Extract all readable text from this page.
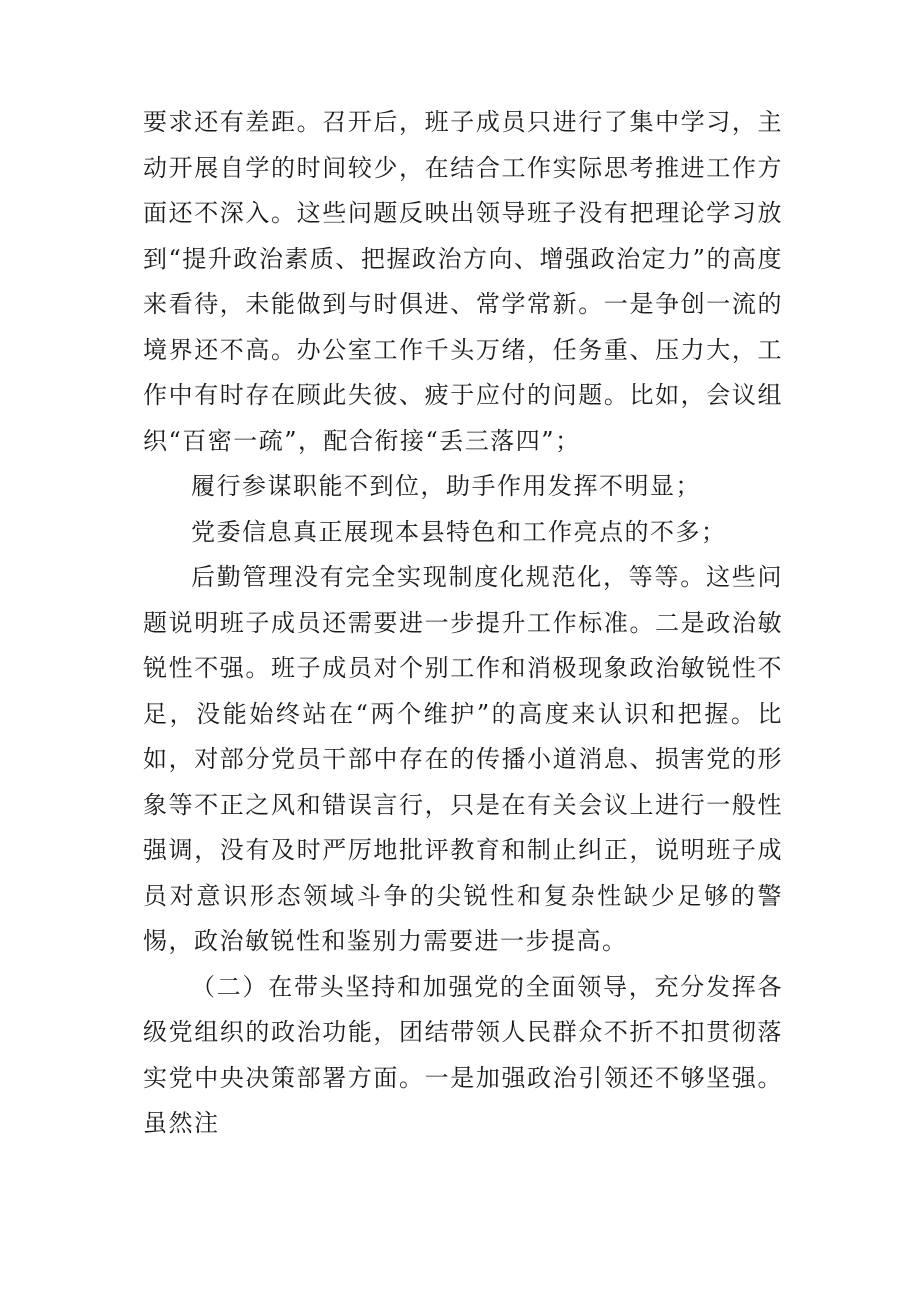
要求还有差距。召开后，班子成员只进行了集中学习，主动开展自学的时间较少，在结合工作实际思考推进工作方面还不深入。这些问题反映出领导班子没有把理论学习放到“提升政治素质、把握政治方向、增强政治定力”的高度来看待，未能做到与时俱进、常学常新。一是争创一流的境界还不高。办公室工作千头万绪，任务重、压力大，工作中有时存在顾此失彼、疲于应付的问题。比如，会议组织“百密一疏”，配合衔接“丢三落四”；

履行参谋职能不到位，助手作用发挥不明显；

党委信息真正展现本县特色和工作亮点的不多；

后勤管理没有完全实现制度化规范化，等等。这些问题说明班子成员还需要进一步提升工作标准。二是政治敏锐性不强。班子成员对个别工作和消极现象政治敏锐性不足，没能始终站在“两个维护”的高度来认识和把握。比如，对部分党员干部中存在的传播小道消息、损害党的形象等不正之风和错误言行，只是在有关会议上进行一般性强调，没有及时严厉地批评教育和制止纠正，说明班子成员对意识形态领域斗争的尖锐性和复杂性缺少足够的警惕，政治敏锐性和鉴别力需要进一步提高。

（二）在带头坚持和加强党的全面领导，充分发挥各级党组织的政治功能，团结带领人民群众不折不扣贯彻落实党中央决策部署方面。一是加强政治引领还不够坚强。虽然注
